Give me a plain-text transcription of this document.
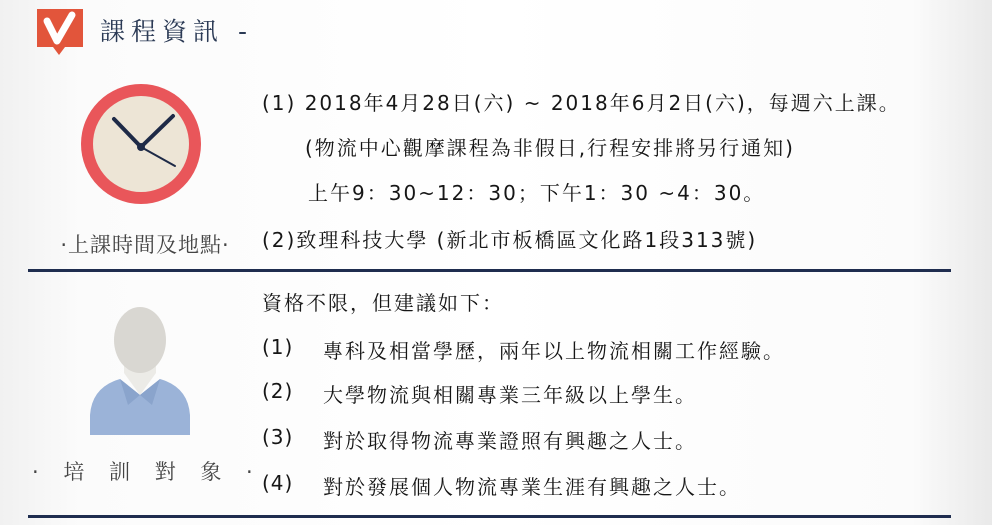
課程資訊 -
·上課時間及地點·
(1) 2018年4月28日(六) ~ 2018年6月2日(六)，每週六上課。
(物流中心觀摩課程為非假日,行程安排將另行通知)
上午9：30~12：30；下午1：30 ~4：30。
(2)致理科技大學 (新北市板橋區文化路1段313號)
· 培 訓 對 象 ·
資格不限，但建議如下：
(1) 專科及相當學歷，兩年以上物流相關工作經驗。
(2) 大學物流與相關專業三年級以上學生。
(3) 對於取得物流專業證照有興趣之人士。
(4) 對於發展個人物流專業生涯有興趣之人士。
